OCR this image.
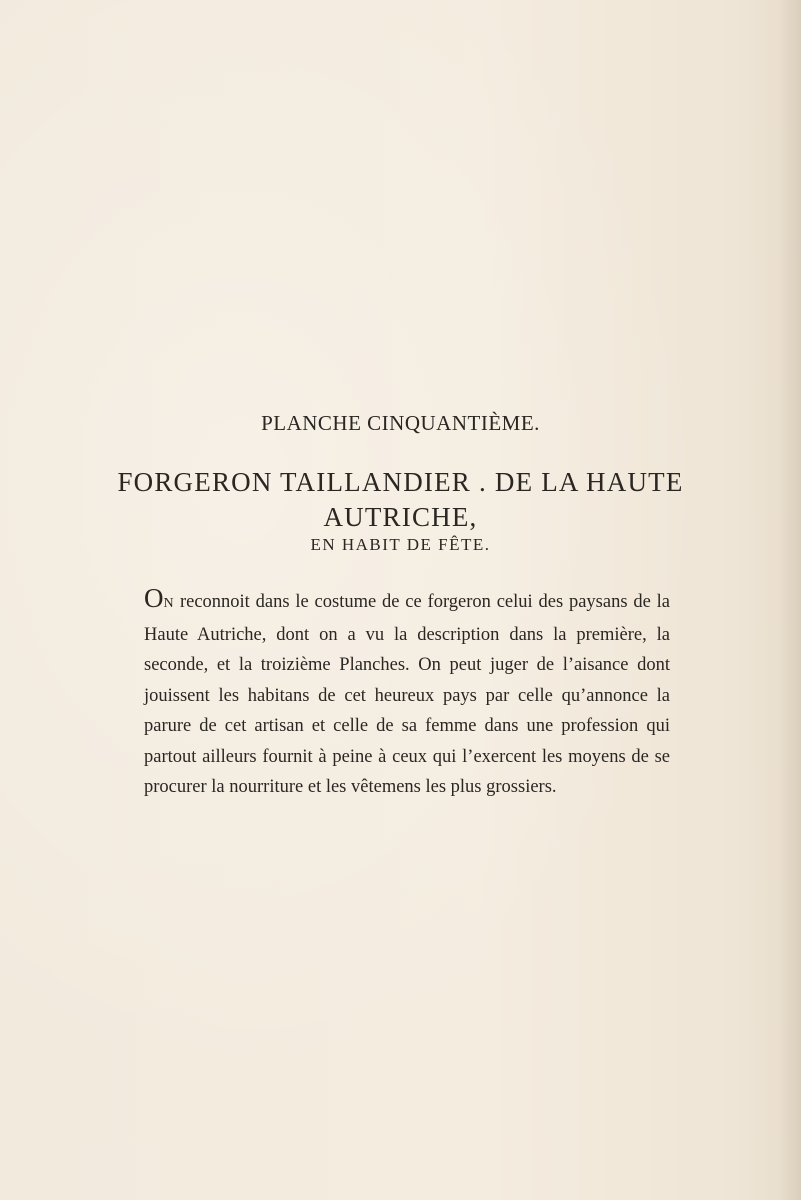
PLANCHE CINQUANTIÈME.
FORGERON TAILLANDIER . DE LA HAUTE
AUTRICHE,
EN HABIT DE FÊTE.

ON reconnoit dans le costume de ce forgeron celui des paysans de la Haute Autriche, dont on a vu la description dans la première, la seconde, et la troizième Planches. On peut juger de l’aisance dont jouissent les habitans de cet heureux pays par celle qu’annonce la parure de cet artisan et celle de sa femme dans une profession qui partout ailleurs fournit à peine à ceux qui l’exercent les moyens de se procurer la nourriture et les vêtemens les plus grossiers.
